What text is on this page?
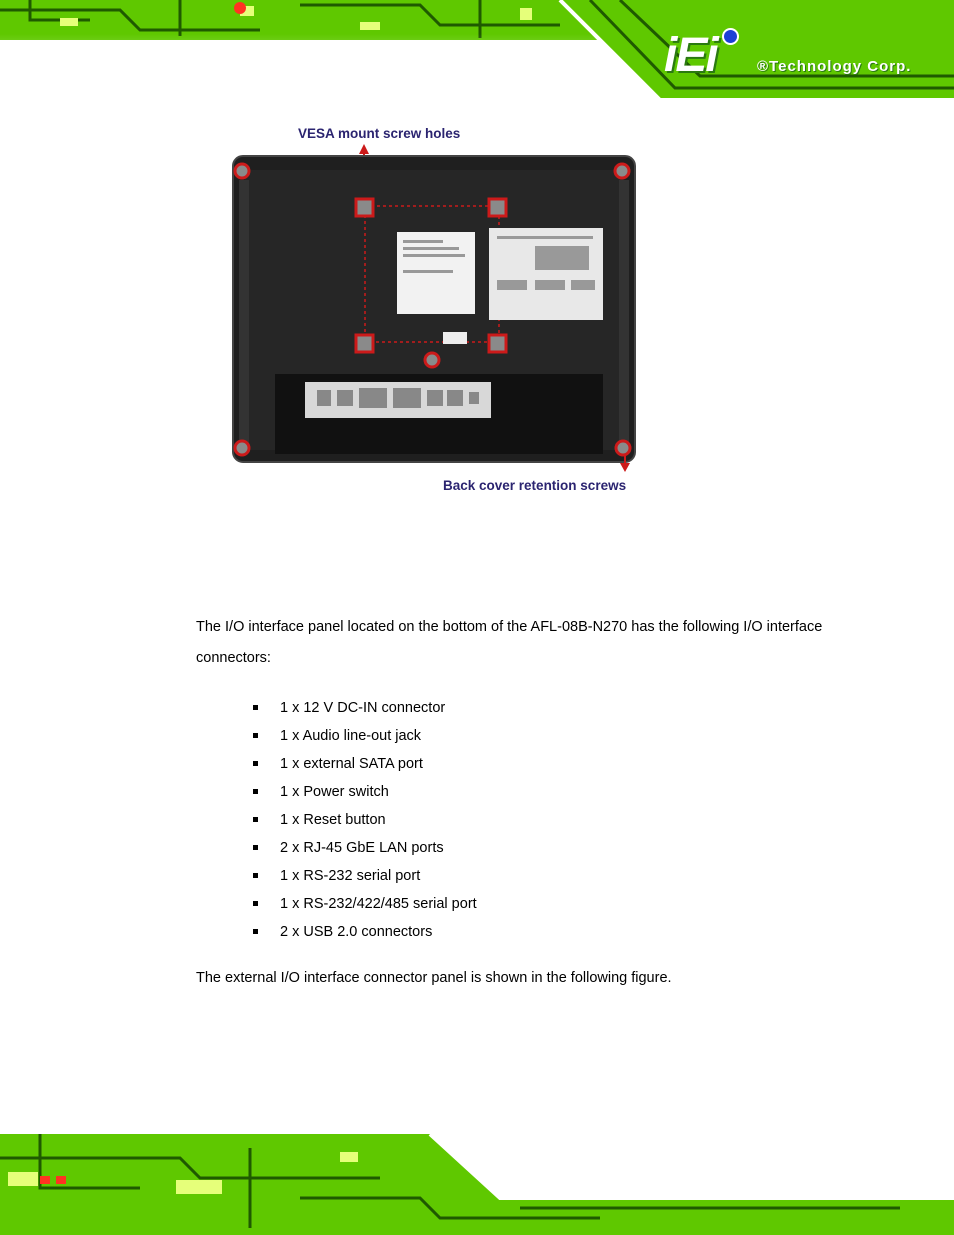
iEi	®Technology Corp.
VESA mount screw holes
Back cover retention screws

The I/O interface panel located on the bottom of the AFL-08B-N270 has the following I/O interface connectors:

1 x 12 V DC-IN connector
1 x Audio line-out jack
1 x external SATA port
1 x Power switch
1 x Reset button
2 x RJ-45 GbE LAN ports
1 x RS-232 serial port
1 x RS-232/422/485 serial port
2 x USB 2.0 connectors

The external I/O interface connector panel is shown in the following figure.
